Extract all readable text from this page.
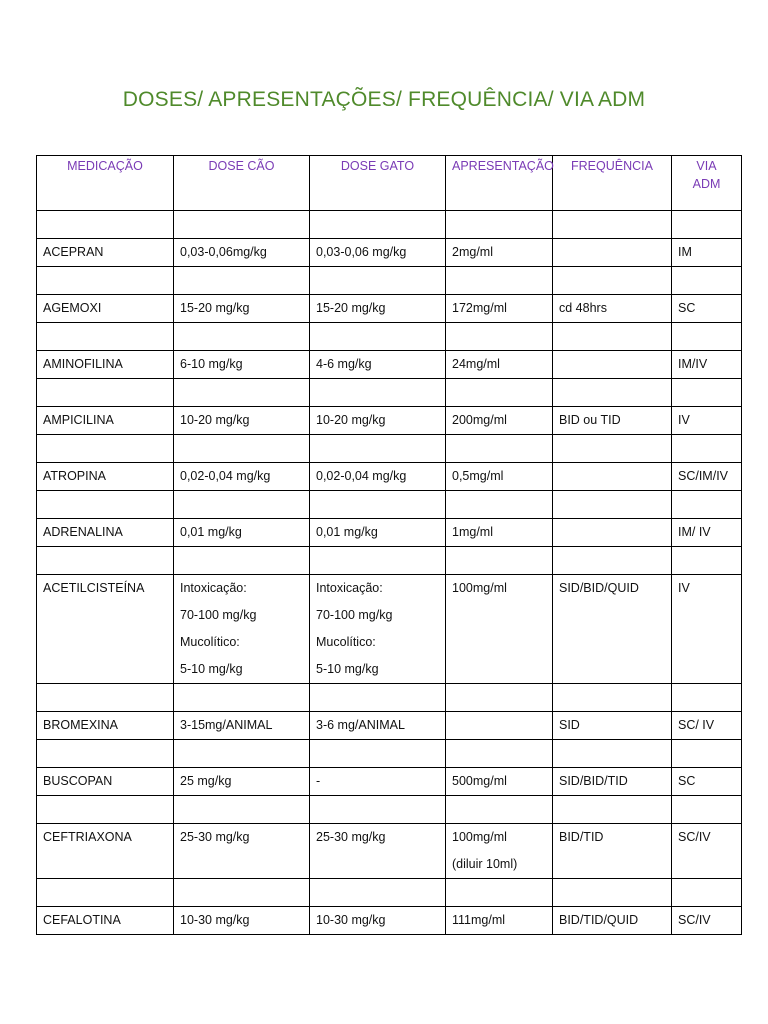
DOSES/ APRESENTAÇÕES/ FREQUÊNCIA/ VIA ADM
MEDICAÇÃO	DOSE CÃO	DOSE GATO	APRESENTAÇÃO	FREQUÊNCIA	VIA ADM

ACEPRAN	0,03-0,06mg/kg	0,03-0,06 mg/kg	2mg/ml		IM

AGEMOXI	15-20 mg/kg	15-20 mg/kg	172mg/ml	cd 48hrs	SC

AMINOFILINA	6-10 mg/kg	4-6 mg/kg	24mg/ml		IM/IV

AMPICILINA	10-20 mg/kg	10-20 mg/kg	200mg/ml	BID ou TID	IV

ATROPINA	0,02-0,04 mg/kg	0,02-0,04 mg/kg	0,5mg/ml		SC/IM/IV

ADRENALINA	0,01 mg/kg	0,01 mg/kg	1mg/ml		IM/ IV

ACETILCISTEÍNA	Intoxicação:
70-100 mg/kg
Mucolítico:
5-10 mg/kg	Intoxicação:
70-100 mg/kg
Mucolítico:
5-10 mg/kg	100mg/ml	SID/BID/QUID	IV

BROMEXINA	3-15mg/ANIMAL	3-6 mg/ANIMAL		SID	SC/ IV

BUSCOPAN	25 mg/kg	-	500mg/ml	SID/BID/TID	SC

CEFTRIAXONA	25-30 mg/kg	25-30 mg/kg	100mg/ml
(diluir 10ml)	BID/TID	SC/IV

CEFALOTINA	10-30 mg/kg	10-30 mg/kg	111mg/ml	BID/TID/QUID	SC/IV
